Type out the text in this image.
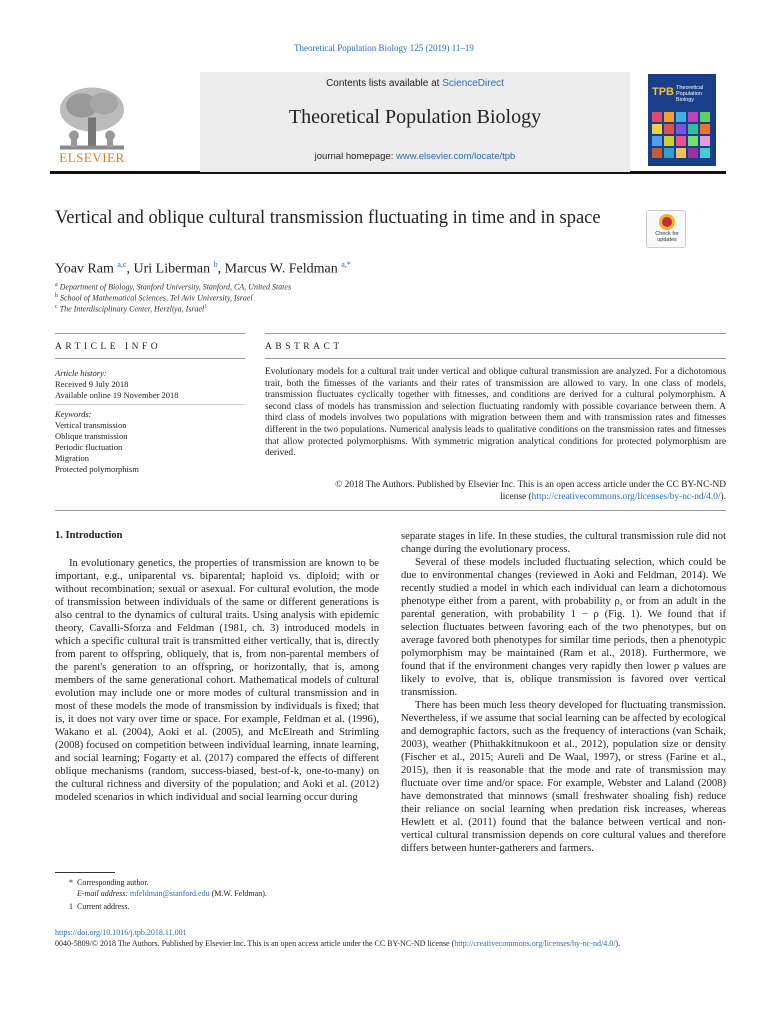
Theoretical Population Biology 125 (2019) 11–19
Contents lists available at ScienceDirect
Theoretical Population Biology
journal homepage: www.elsevier.com/locate/tpb
ELSEVIER
TPB Theoretical Population Biology
Vertical and oblique cultural transmission fluctuating in time and in space
Check for updates
Yoav Ram $^{a,c}$, Uri Liberman $^b$, Marcus W. Feldman $^{a,*}$
$^a$ Department of Biology, Stanford University, Stanford, CA, United States
$^b$ School of Mathematical Sciences, Tel Aviv University, Israel
$^c$ The Interdisciplinary Center, Herzliya, Israel$^1$
ARTICLE INFO
Article history:
Received 9 July 2018
Available online 19 November 2018
Keywords:
Vertical transmission
Oblique transmission
Periodic fluctuation
Migration
Protected polymorphism
ABSTRACT
Evolutionary models for a cultural trait under vertical and oblique cultural transmission are analyzed. For a dichotomous trait, both the fitnesses of the variants and their rates of transmission are allowed to vary. In one class of models, transmission fluctuates cyclically together with fitnesses, and conditions are derived for a cultural polymorphism. A second class of models has transmission and selection fluctuating randomly with possible covariance between them. A third class of models involves two populations with migration between them and with transmission rates and fitnesses different in the two populations. Numerical analysis leads to qualitative conditions on the transmission rates and fitnesses that allow protected polymorphisms. With symmetric migration analytical conditions for protected polymorphism are derived.
© 2018 The Authors. Published by Elsevier Inc. This is an open access article under the CC BY-NC-ND
license (http://creativecommons.org/licenses/by-nc-nd/4.0/).
1. Introduction

In evolutionary genetics, the properties of transmission are known to be important, e.g., uniparental vs. biparental; haploid vs. diploid; with or without recombination; sexual or asexual. For cultural evolution, the mode of transmission between individuals of the same or different generations is also central to the dynamics of cultural traits. Using analysis with epidemic theory, Cavalli-Sforza and Feldman (1981, ch. 3) introduced models in which a specific cultural trait is transmitted either vertically, that is, directly from parent to offspring, obliquely, that is, from non-parental members of the parent's generation to an offspring, or horizontally, that is, among members of the same generational cohort. Mathematical models of cultural evolution may include one or more modes of cultural transmission and in most of these models the mode of transmission by individuals is fixed; that is, it does not vary over time or space. For example, Feldman et al. (1996), Wakano et al. (2004), Aoki et al. (2005), and McElreath and Strimling (2008) focused on competition between individual learning, innate learning, and social learning; Fogarty et al. (2017) compared the effects of different oblique mechanisms (random, success-biased, best-of-k, one-to-many) on the cultural richness and diversity of the population; and Aoki et al. (2012) modeled scenarios in which individual and social learning occur during

separate stages in life. In these studies, the cultural transmission rule did not change during the evolutionary process.

Several of these models included fluctuating selection, which could be due to environmental changes (reviewed in Aoki and Feldman, 2014). We recently studied a model in which each individual can learn a dichotomous phenotype either from a parent, with probability ρ, or from an adult in the parental generation, with probability 1 − ρ (Fig. 1). We found that if selection fluctuates between favoring each of the two phenotypes, but on average favored both phenotypes for similar time periods, then a phenotypic polymorphism may be maintained (Ram et al., 2018). Furthermore, we found that if the environment changes very rapidly then lower ρ values are likely to evolve, that is, oblique transmission is favored over vertical transmission.

There has been much less theory developed for fluctuating transmission. Nevertheless, if we assume that social learning can be affected by ecological and demographic factors, such as the frequency of interactions (van Schaik, 2003), weather (Phithakkitnukoon et al., 2012), population size or density (Fischer et al., 2015; Aureli and De Waal, 1997), or stress (Farine et al., 2015), then it is reasonable that the mode and rate of transmission may fluctuate over time and/or space. For example, Webster and Laland (2008) have demonstrated that minnows (small freshwater shoaling fish) reduce their reliance on social learning when predation risk increases, whereas Hewlett et al. (2011) found that the balance between vertical and non-vertical cultural transmission depends on core cultural values and therefore differs between hunter-gatherers and farmers.

* Corresponding author.
E-mail address: mfeldman@stanford.edu (M.W. Feldman).
1 Current address.
https://doi.org/10.1016/j.tpb.2018.11.001
0040-5809/© 2018 The Authors. Published by Elsevier Inc. This is an open access article under the CC BY-NC-ND license (http://creativecommons.org/licenses/by-nc-nd/4.0/).
